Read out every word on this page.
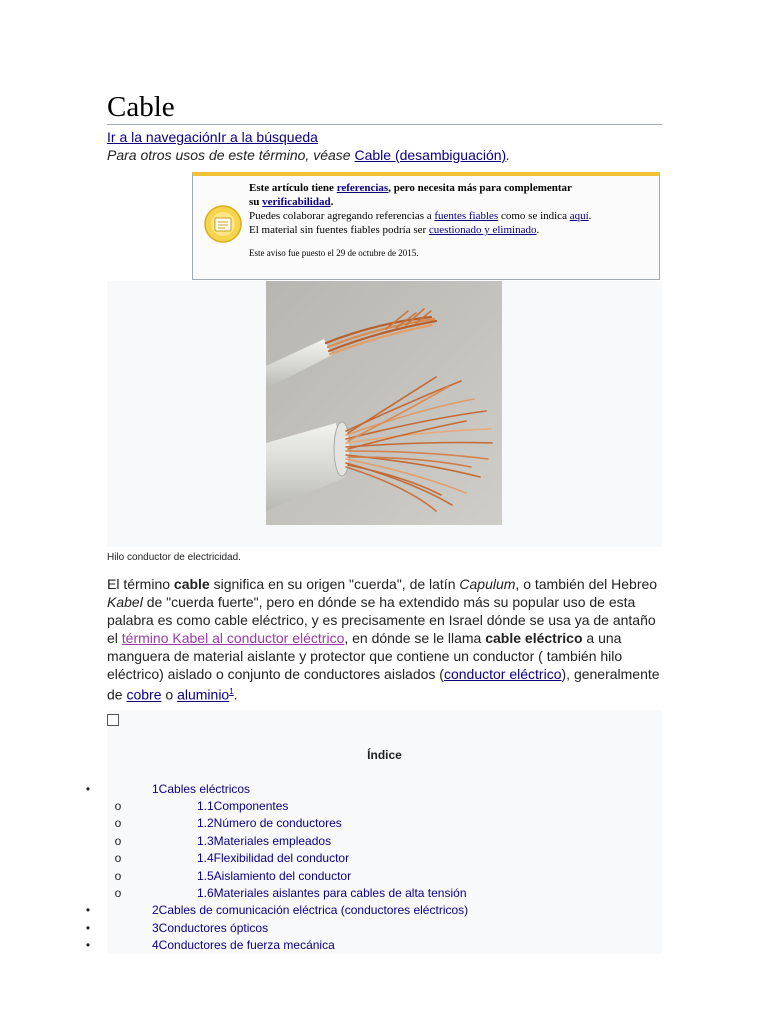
Cable
Ir a la navegaciónIr a la búsqueda
Para otros usos de este término, véase Cable (desambiguación).
Este artículo tiene referencias, pero necesita más para complementar
su verificabilidad.
Puedes colaborar agregando referencias a fuentes fiables como se indica aquí.
El material sin fuentes fiables podría ser cuestionado y eliminado.
Este aviso fue puesto el 29 de octubre de 2015.
Hilo conductor de electricidad.
El término cable significa en su origen "cuerda", de latín Capulum, o también del Hebreo Kabel de "cuerda fuerte", pero en dónde se ha extendido más su popular uso de esta palabra es como cable eléctrico, y es precisamente en Israel dónde se usa ya de antaño el término Kabel al conductor eléctrico, en dónde se le llama cable eléctrico a una manguera de material aislante y protector que contiene un conductor ( también hilo eléctrico) aislado o conjunto de conductores aislados (conductor eléctrico), generalmente de cobre o aluminio$^1$.
Índice
•	1Cables eléctricos
o	1.1Componentes
o	1.2Número de conductores
o	1.3Materiales empleados
o	1.4Flexibilidad del conductor
o	1.5Aislamiento del conductor
o	1.6Materiales aislantes para cables de alta tensión
•	2Cables de comunicación eléctrica (conductores eléctricos)
•	3Conductores ópticos
•	4Conductores de fuerza mecánica
